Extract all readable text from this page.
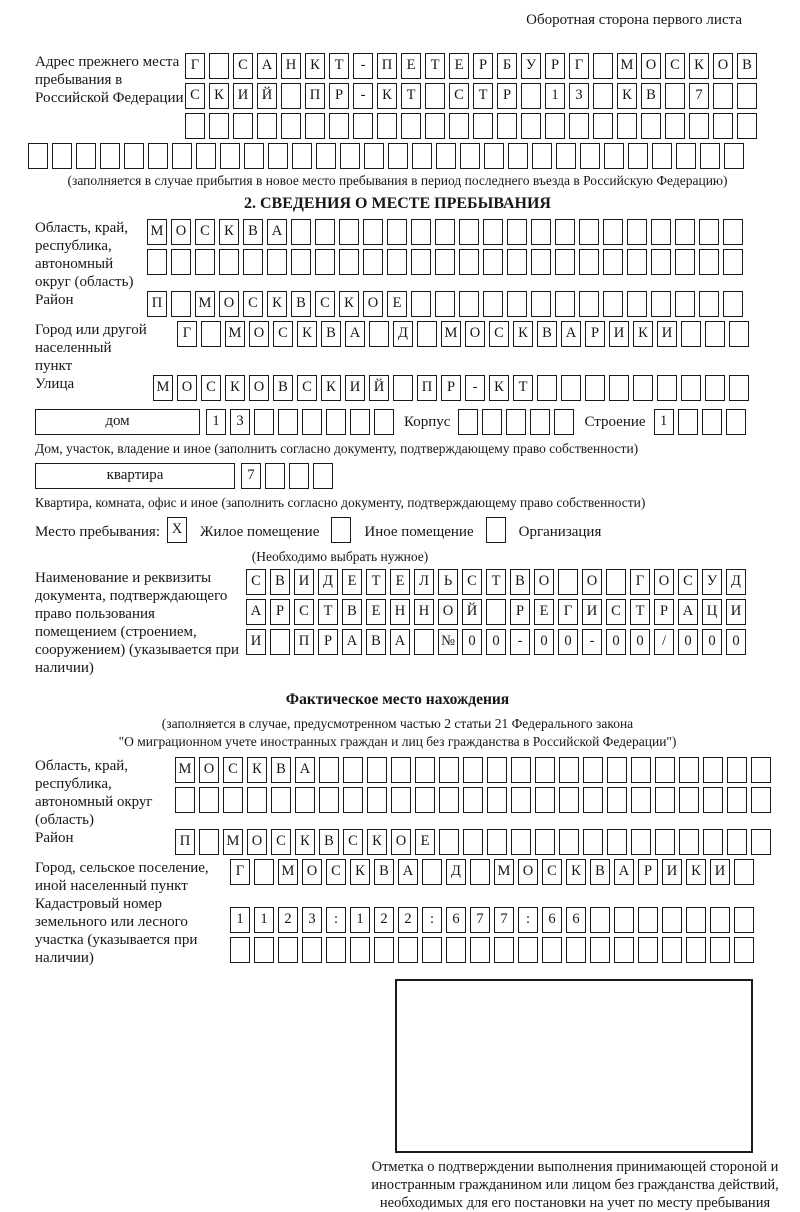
Оборотная сторона первого листа
Адрес прежнего места пребывания в Российской Федерации
Г	С А Н К Т - П Е Т Е Р Б У Р Г	М О С К О В
С К И Й	П Р - К Т	С Т Р	1 3	К В	7
(заполняется в случае прибытия в новое место пребывания в период последнего въезда в Российскую Федерацию)
2. СВЕДЕНИЯ О МЕСТЕ ПРЕБЫВАНИЯ
Область, край, республика, автономный округ (область)
М О С К В А
Район	П	М О С К В С К О Е
Город или другой населенный пункт
Г	М О С К В А	Д	М О С К В А Р И К И
Улица	М О С К О В С К И Й	П Р - К Т
дом	1 3	Корпус	Строение 1
Дом, участок, владение и иное (заполнить согласно документу, подтверждающему право собственности)
квартира	7
Квартира, комната, офис и иное (заполнить согласно документу, подтверждающему право собственности)
Место пребывания: X	Жилое помещение	Иное помещение	Организация
(Необходимо выбрать нужное)
Наименование и реквизиты документа, подтверждающего право пользования помещением (строением, сооружением) (указывается при наличии)
С В И Д Е Т Е Л Ь С Т В О	О	Г О С У Д
А Р С Т В Е Н Н О Й	Р Е Г И С Т Р А Ц И
И	П Р А В А № 0 0 - 0 0 - 0 0 / 0 0 0
Фактическое место нахождения
(заполняется в случае, предусмотренном частью 2 статьи 21 Федерального закона
"О миграционном учете иностранных граждан и лиц без гражданства в Российской Федерации")
Область, край, республика, автономный округ (область)
М О С К В А
Район	П	М О С К В С К О Е
Город, сельское поселение, иной населенный пункт
Г	М О С К В А	Д	М О С К В А Р И К И
Кадастровый номер земельного или лесного участка (указывается при наличии)
1 1 2 3 : 1 2 2 : 6 7 7 : 6 6
Отметка о подтверждении выполнения принимающей стороной и иностранным гражданином или лицом без гражданства действий, необходимых для его постановки на учет по месту пребывания
